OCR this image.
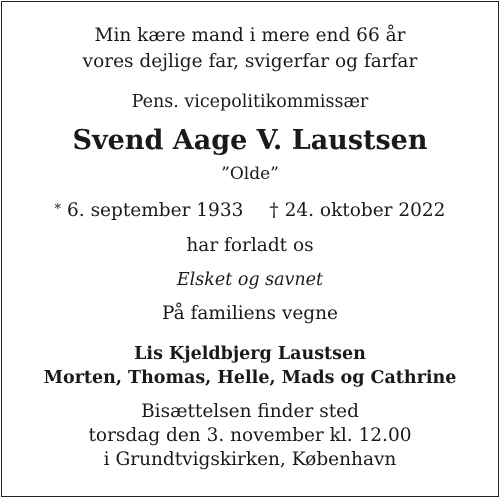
Min kære mand i mere end 66 år
vores dejlige far, svigerfar og farfar
Pens. vicepolitikommissær
Svend Aage V. Laustsen
”Olde”
* 6. september 1933 † 24. oktober 2022
har forladt os
Elsket og savnet
På familiens vegne
Lis Kjeldbjerg Laustsen
Morten, Thomas, Helle, Mads og Cathrine
Bisættelsen finder sted
torsdag den 3. november kl. 12.00
i Grundtvigskirken, København
